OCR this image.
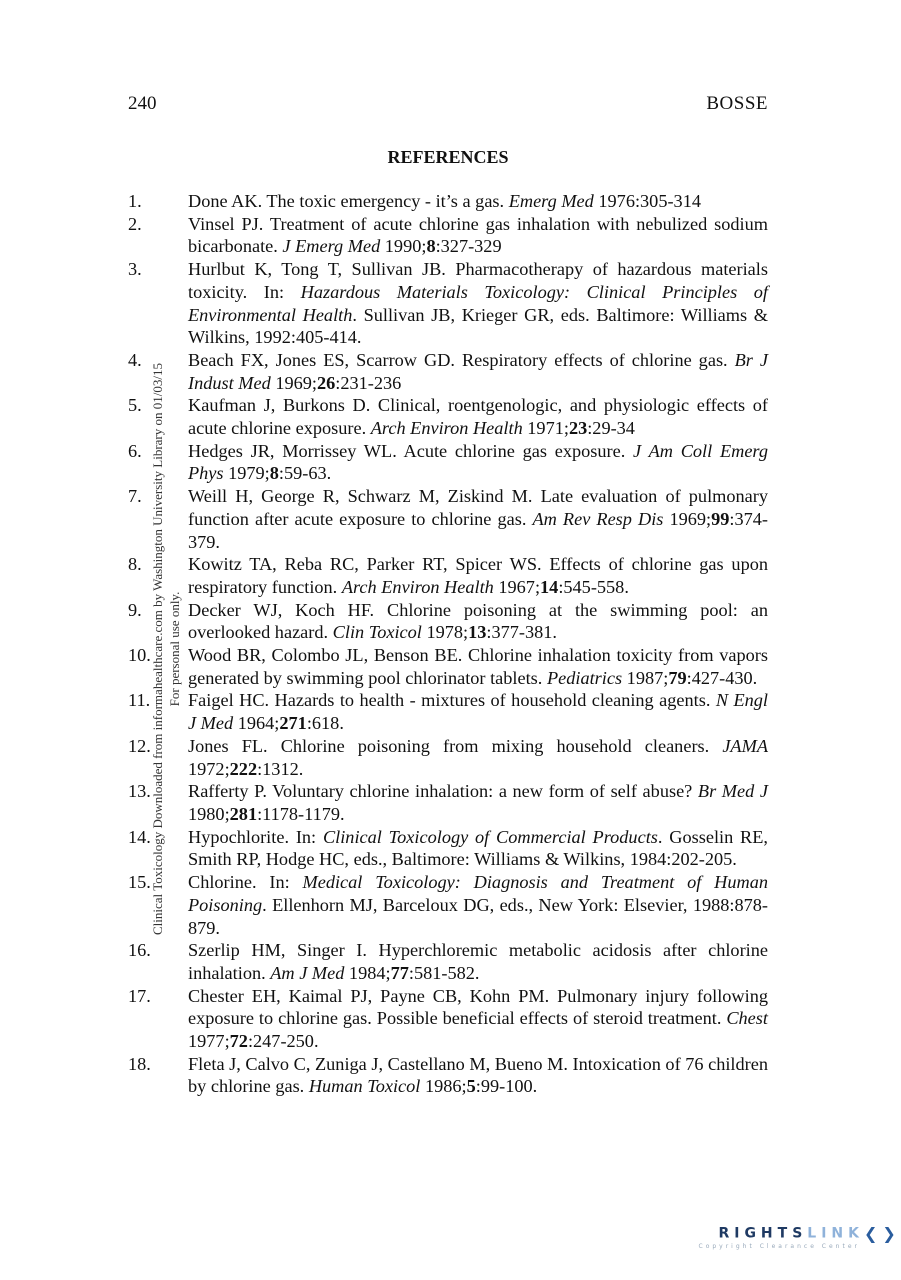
240	BOSSE
REFERENCES
1.	Done AK. The toxic emergency - it’s a gas. Emerg Med 1976:305-314
2.	Vinsel PJ. Treatment of acute chlorine gas inhalation with nebulized sodium bicarbonate. J Emerg Med 1990;8:327-329
3.	Hurlbut K, Tong T, Sullivan JB. Pharmacotherapy of hazardous materials toxicity. In: Hazardous Materials Toxicology: Clinical Principles of Environmental Health. Sullivan JB, Krieger GR, eds. Baltimore: Williams & Wilkins, 1992:405-414.
4.	Beach FX, Jones ES, Scarrow GD. Respiratory effects of chlorine gas. Br J Indust Med 1969;26:231-236
5.	Kaufman J, Burkons D. Clinical, roentgenologic, and physiologic effects of acute chlorine exposure. Arch Environ Health 1971;23:29-34
6.	Hedges JR, Morrissey WL. Acute chlorine gas exposure. J Am Coll Emerg Phys 1979;8:59-63.
7.	Weill H, George R, Schwarz M, Ziskind M. Late evaluation of pulmonary function after acute exposure to chlorine gas. Am Rev Resp Dis 1969;99:374-379.
8.	Kowitz TA, Reba RC, Parker RT, Spicer WS. Effects of chlorine gas upon respiratory function. Arch Environ Health 1967;14:545-558.
9.	Decker WJ, Koch HF. Chlorine poisoning at the swimming pool: an overlooked hazard. Clin Toxicol 1978;13:377-381.
10. Wood BR, Colombo JL, Benson BE. Chlorine inhalation toxicity from vapors generated by swimming pool chlorinator tablets. Pediatrics 1987;79:427-430.
11. Faigel HC. Hazards to health - mixtures of household cleaning agents. N Engl J Med 1964;271:618.
12. Jones FL. Chlorine poisoning from mixing household cleaners. JAMA 1972;222:1312.
13. Rafferty P. Voluntary chlorine inhalation: a new form of self abuse? Br Med J 1980;281:1178-1179.
14. Hypochlorite. In: Clinical Toxicology of Commercial Products. Gosselin RE, Smith RP, Hodge HC, eds., Baltimore: Williams & Wilkins, 1984:202-205.
15. Chlorine. In: Medical Toxicology: Diagnosis and Treatment of Human Poisoning. Ellenhorn MJ, Barceloux DG, eds., New York: Elsevier, 1988:878-879.
16. Szerlip HM, Singer I. Hyperchloremic metabolic acidosis after chlorine inhalation. Am J Med 1984;77:581-582.
17. Chester EH, Kaimal PJ, Payne CB, Kohn PM. Pulmonary injury following exposure to chlorine gas. Possible beneficial effects of steroid treatment. Chest 1977;72:247-250.
18. Fleta J, Calvo C, Zuniga J, Castellano M, Bueno M. Intoxication of 76 children by chlorine gas. Human Toxicol 1986;5:99-100.
Clinical Toxicology Downloaded from informahealthcare.com by Washington University Library on 01/03/15 For personal use only.
RIGHTSLINK❮❯
Copyright Clearance Center
